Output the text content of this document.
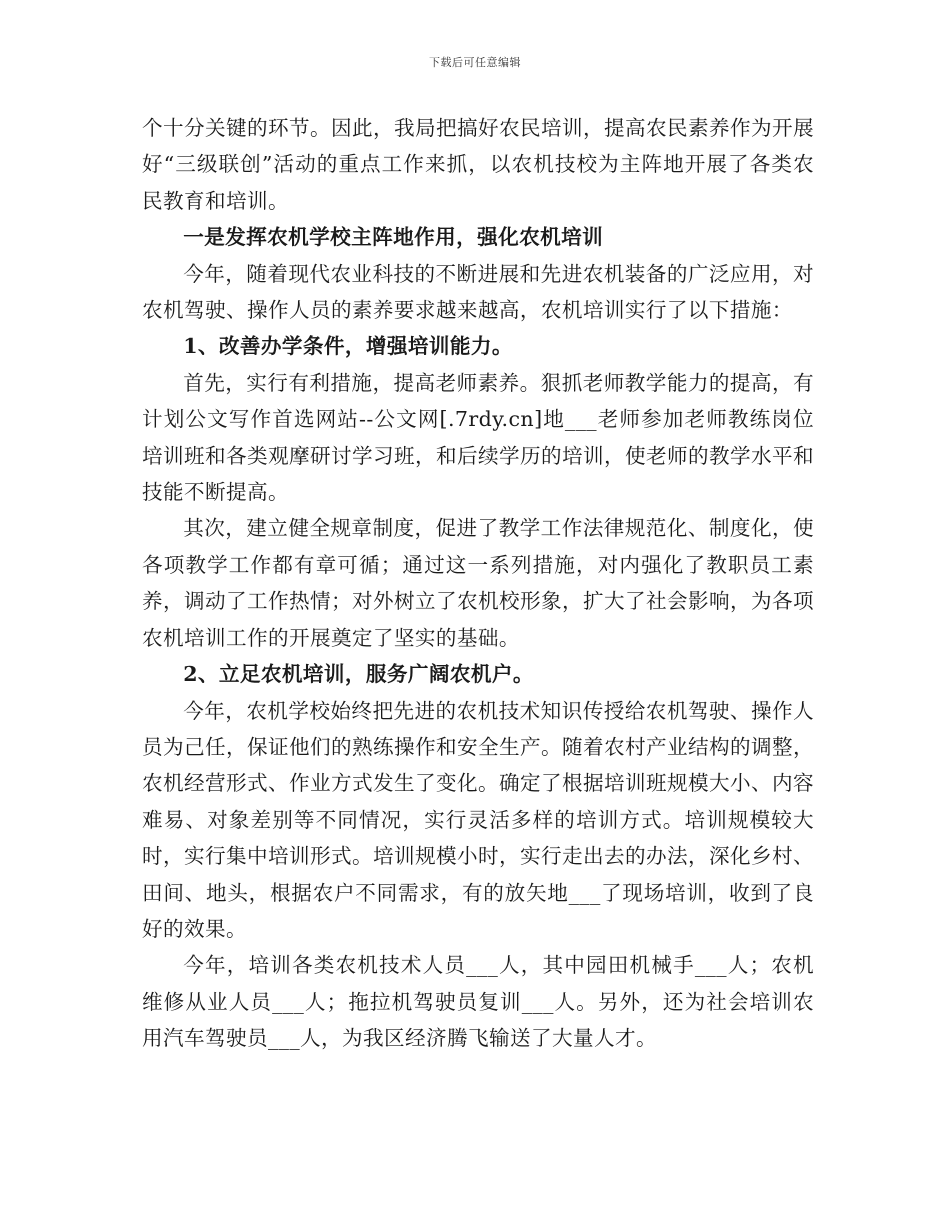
下载后可任意编辑

个十分关键的环节。因此，我局把搞好农民培训，提高农民素养作为开展好“三级联创”活动的重点工作来抓，以农机技校为主阵地开展了各类农民教育和培训。

一是发挥农机学校主阵地作用，强化农机培训

今年，随着现代农业科技的不断进展和先进农机装备的广泛应用，对农机驾驶、操作人员的素养要求越来越高，农机培训实行了以下措施：

1、改善办学条件，增强培训能力。

首先，实行有利措施，提高老师素养。狠抓老师教学能力的提高，有计划公文写作首选网站--公文网[.7rdy.cn]地___老师参加老师教练岗位培训班和各类观摩研讨学习班，和后续学历的培训，使老师的教学水平和技能不断提高。

其次，建立健全规章制度，促进了教学工作法律规范化、制度化，使各项教学工作都有章可循；通过这一系列措施，对内强化了教职员工素养，调动了工作热情；对外树立了农机校形象，扩大了社会影响，为各项农机培训工作的开展奠定了坚实的基础。

2、立足农机培训，服务广阔农机户。

今年，农机学校始终把先进的农机技术知识传授给农机驾驶、操作人员为己任，保证他们的熟练操作和安全生产。随着农村产业结构的调整，农机经营形式、作业方式发生了变化。确定了根据培训班规模大小、内容难易、对象差别等不同情况，实行灵活多样的培训方式。培训规模较大时，实行集中培训形式。培训规模小时，实行走出去的办法，深化乡村、田间、地头，根据农户不同需求，有的放矢地___了现场培训，收到了良好的效果。

今年，培训各类农机技术人员___人，其中园田机械手___人；农机维修从业人员___人；拖拉机驾驶员复训___人。另外，还为社会培训农用汽车驾驶员___人，为我区经济腾飞输送了大量人才。
